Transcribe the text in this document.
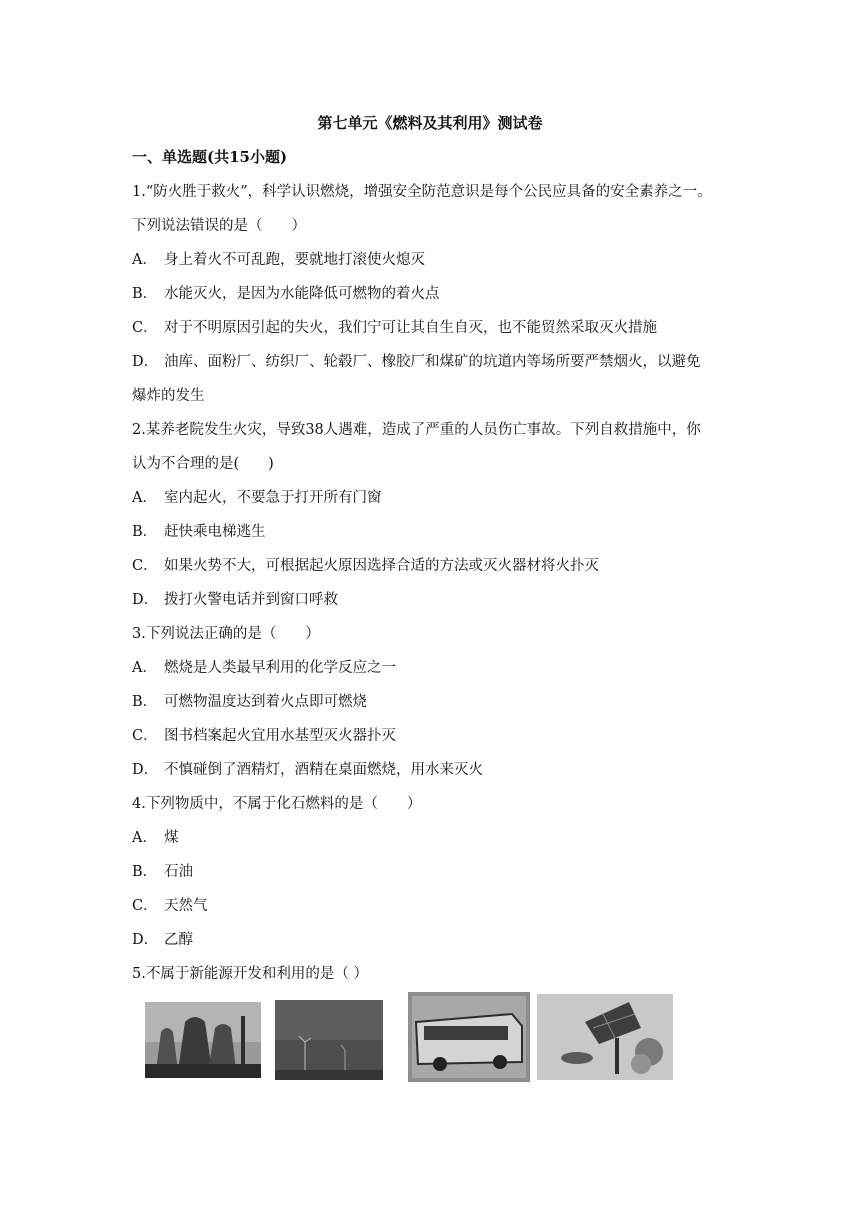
第七单元《燃料及其利用》测试卷
一、单选题(共15小题)
1.“防火胜于救火”，科学认识燃烧，增强安全防范意识是每个公民应具备的安全素养之一。
下列说法错误的是（　　）
A． 身上着火不可乱跑，要就地打滚使火熄灭
B． 水能灭火，是因为水能降低可燃物的着火点
C． 对于不明原因引起的失火，我们宁可让其自生自灭，也不能贸然采取灭火措施
D． 油库、面粉厂、纺织厂、轮毂厂、橡胶厂和煤矿的坑道内等场所要严禁烟火，以避免
爆炸的发生
2.某养老院发生火灾，导致38人遇难，造成了严重的人员伤亡事故。下列自救措施中，你
认为不合理的是(　　)
A． 室内起火，不要急于打开所有门窗
B． 赶快乘电梯逃生
C． 如果火势不大，可根据起火原因选择合适的方法或灭火器材将火扑灭
D． 拨打火警电话并到窗口呼救
3.下列说法正确的是（　　）
A． 燃烧是人类最早利用的化学反应之一
B． 可燃物温度达到着火点即可燃烧
C． 图书档案起火宜用水基型灭火器扑灭
D． 不慎碰倒了酒精灯，酒精在桌面燃烧，用水来灭火
4.下列物质中，不属于化石燃料的是（　　）
A． 煤
B． 石油
C． 天然气
D． 乙醇
5.不属于新能源开发和利用的是（ ）
